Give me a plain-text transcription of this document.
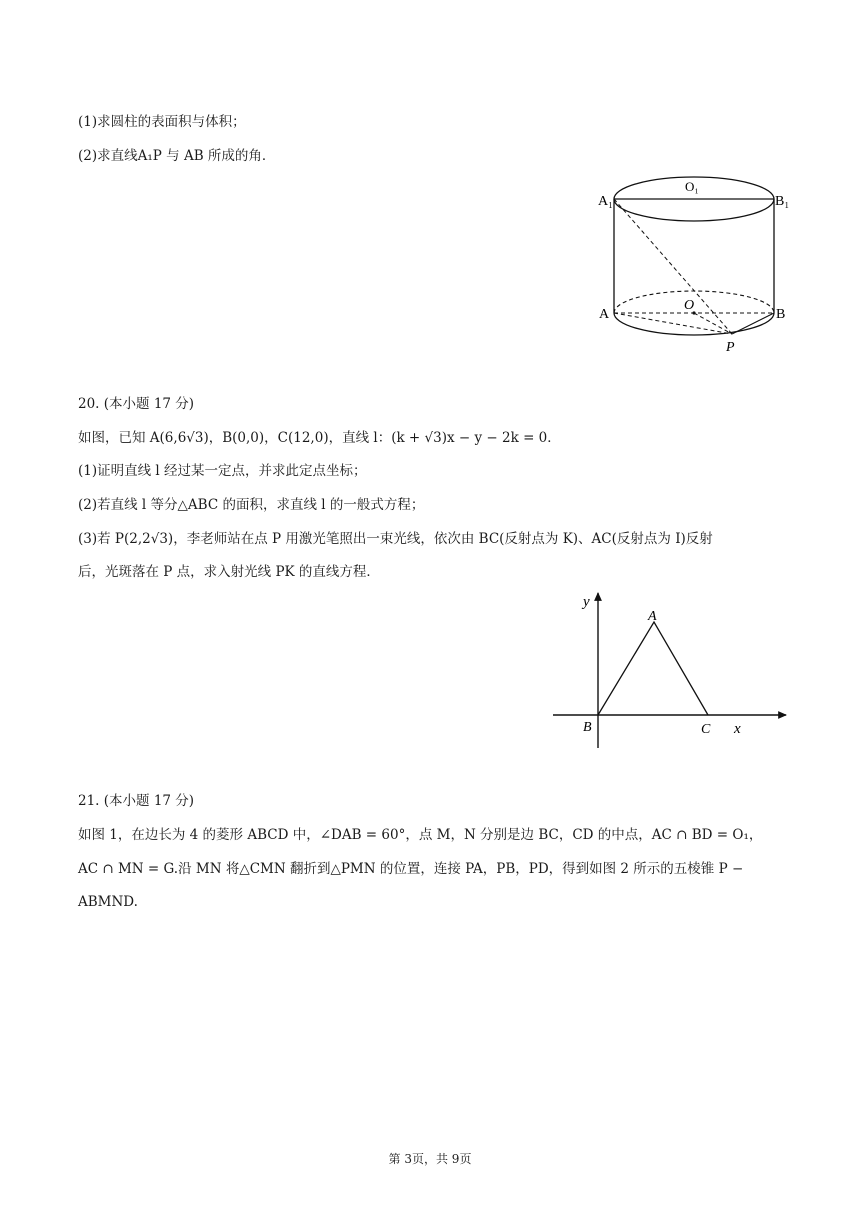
(1)求圆柱的表面积与体积；
(2)求直线A₁P 与 AB 所成的角．
A₁	B₁
O₁
O
A	B
P
20. (本小题 17 分)
如图，已知 A(6,6√3)，B(0,0)，C(12,0)，直线 l：(k + √3)x − y − 2k = 0．
(1)证明直线 l 经过某一定点，并求此定点坐标；
(2)若直线 l 等分△ABC 的面积，求直线 l 的一般式方程；
(3)若 P(2,2√3)，李老师站在点 P 用激光笔照出一束光线，依次由 BC(反射点为 K)、AC(反射点为 I)反射
后，光斑落在 P 点，求入射光线 PK 的直线方程．
y
x
A
B	C
21. (本小题 17 分)
如图 1，在边长为 4 的菱形 ABCD 中，∠DAB = 60°，点 M，N 分别是边 BC，CD 的中点，AC ∩ BD = O₁，
AC ∩ MN = G.沿 MN 将△CMN 翻折到△PMN 的位置，连接 PA，PB，PD，得到如图 2 所示的五棱锥 P −
ABMND.
第 3页，共 9页
